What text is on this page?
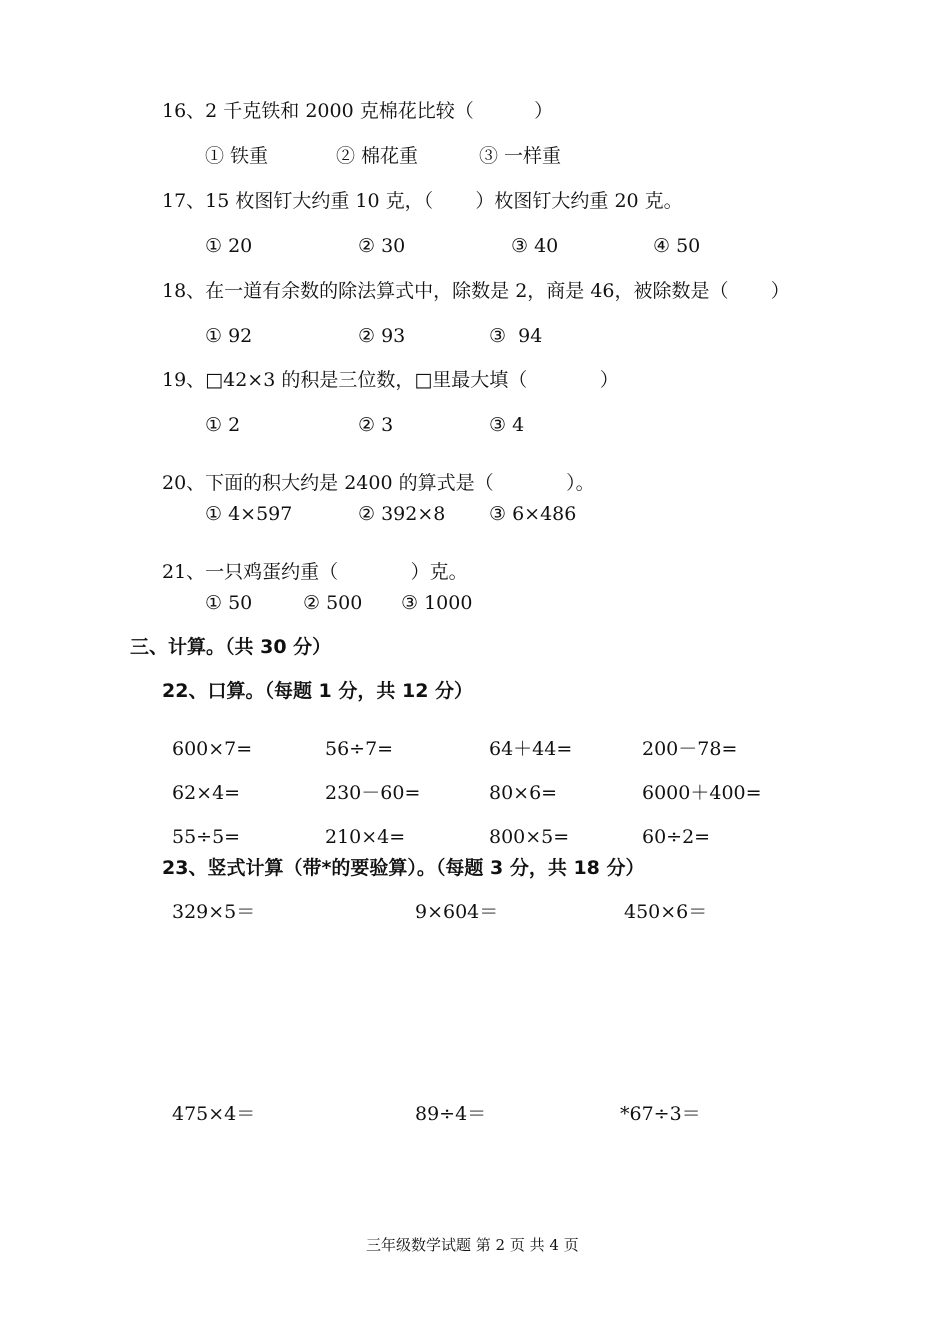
16、2 千克铁和 2000 克棉花比较（          ）
① 铁重	② 棉花重	③ 一样重
17、15 枚图钉大约重 10 克，（       ）枚图钉大约重 20 克。
① 20	② 30	③ 40	④ 50
18、在一道有余数的除法算式中，除数是 2，商是 46，被除数是（       ）
① 92	② 93	③  94
19、□42×3 的积是三位数，□里最大填（            ）
① 2	② 3	③ 4
20、下面的积大约是 2400 的算式是（            ）。
① 4×597	② 392×8 ③ 6×486
21、一只鸡蛋约重（            ）克。
① 50	② 500 ③ 1000
三、计算。（共 30 分）
22、口算。（每题 1 分，共 12 分）
600×7=	56÷7=	64＋44=	200－78=
62×4=	230－60=	80×6=	6000＋400=
55÷5=	210×4=	800×5=	60÷2=
23、竖式计算（带*的要验算）。（每题 3 分，共 18 分）
329×5＝	9×604＝	450×6＝
475×4＝	89÷4＝	*67÷3＝
三年级数学试题 第 2 页 共 4 页
